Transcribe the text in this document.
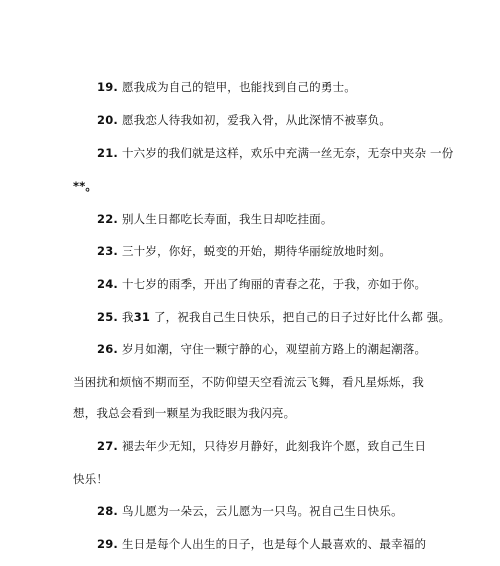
19. 愿我成为自己的铠甲，也能找到自己的勇士。
20. 愿我恋人待我如初，爱我入骨，从此深情不被辜负。
21. 十六岁的我们就是这样，欢乐中充满一丝无奈，无奈中夹杂 一份
**。
22. 别人生日都吃长寿面，我生日却吃挂面。
23. 三十岁，你好，蜕变的开始，期待华丽绽放地时刻。
24. 十七岁的雨季，开出了绚丽的青春之花，于我，亦如于你。
25. 我31 了，祝我自己生日快乐，把自己的日子过好比什么都 强。
26. 岁月如潮，守住一颗宁静的心，观望前方路上的潮起潮落。
当困扰和烦恼不期而至，不防仰望天空看流云飞舞，看凡星烁烁，我
想，我总会看到一颗星为我眨眼为我闪亮。
27. 褪去年少无知，只待岁月静好，此刻我许个愿，致自己生日
快乐！
28. 鸟儿愿为一朵云，云儿愿为一只鸟。祝自己生日快乐。
29. 生日是每个人出生的日子，也是每个人最喜欢的、最幸福的
